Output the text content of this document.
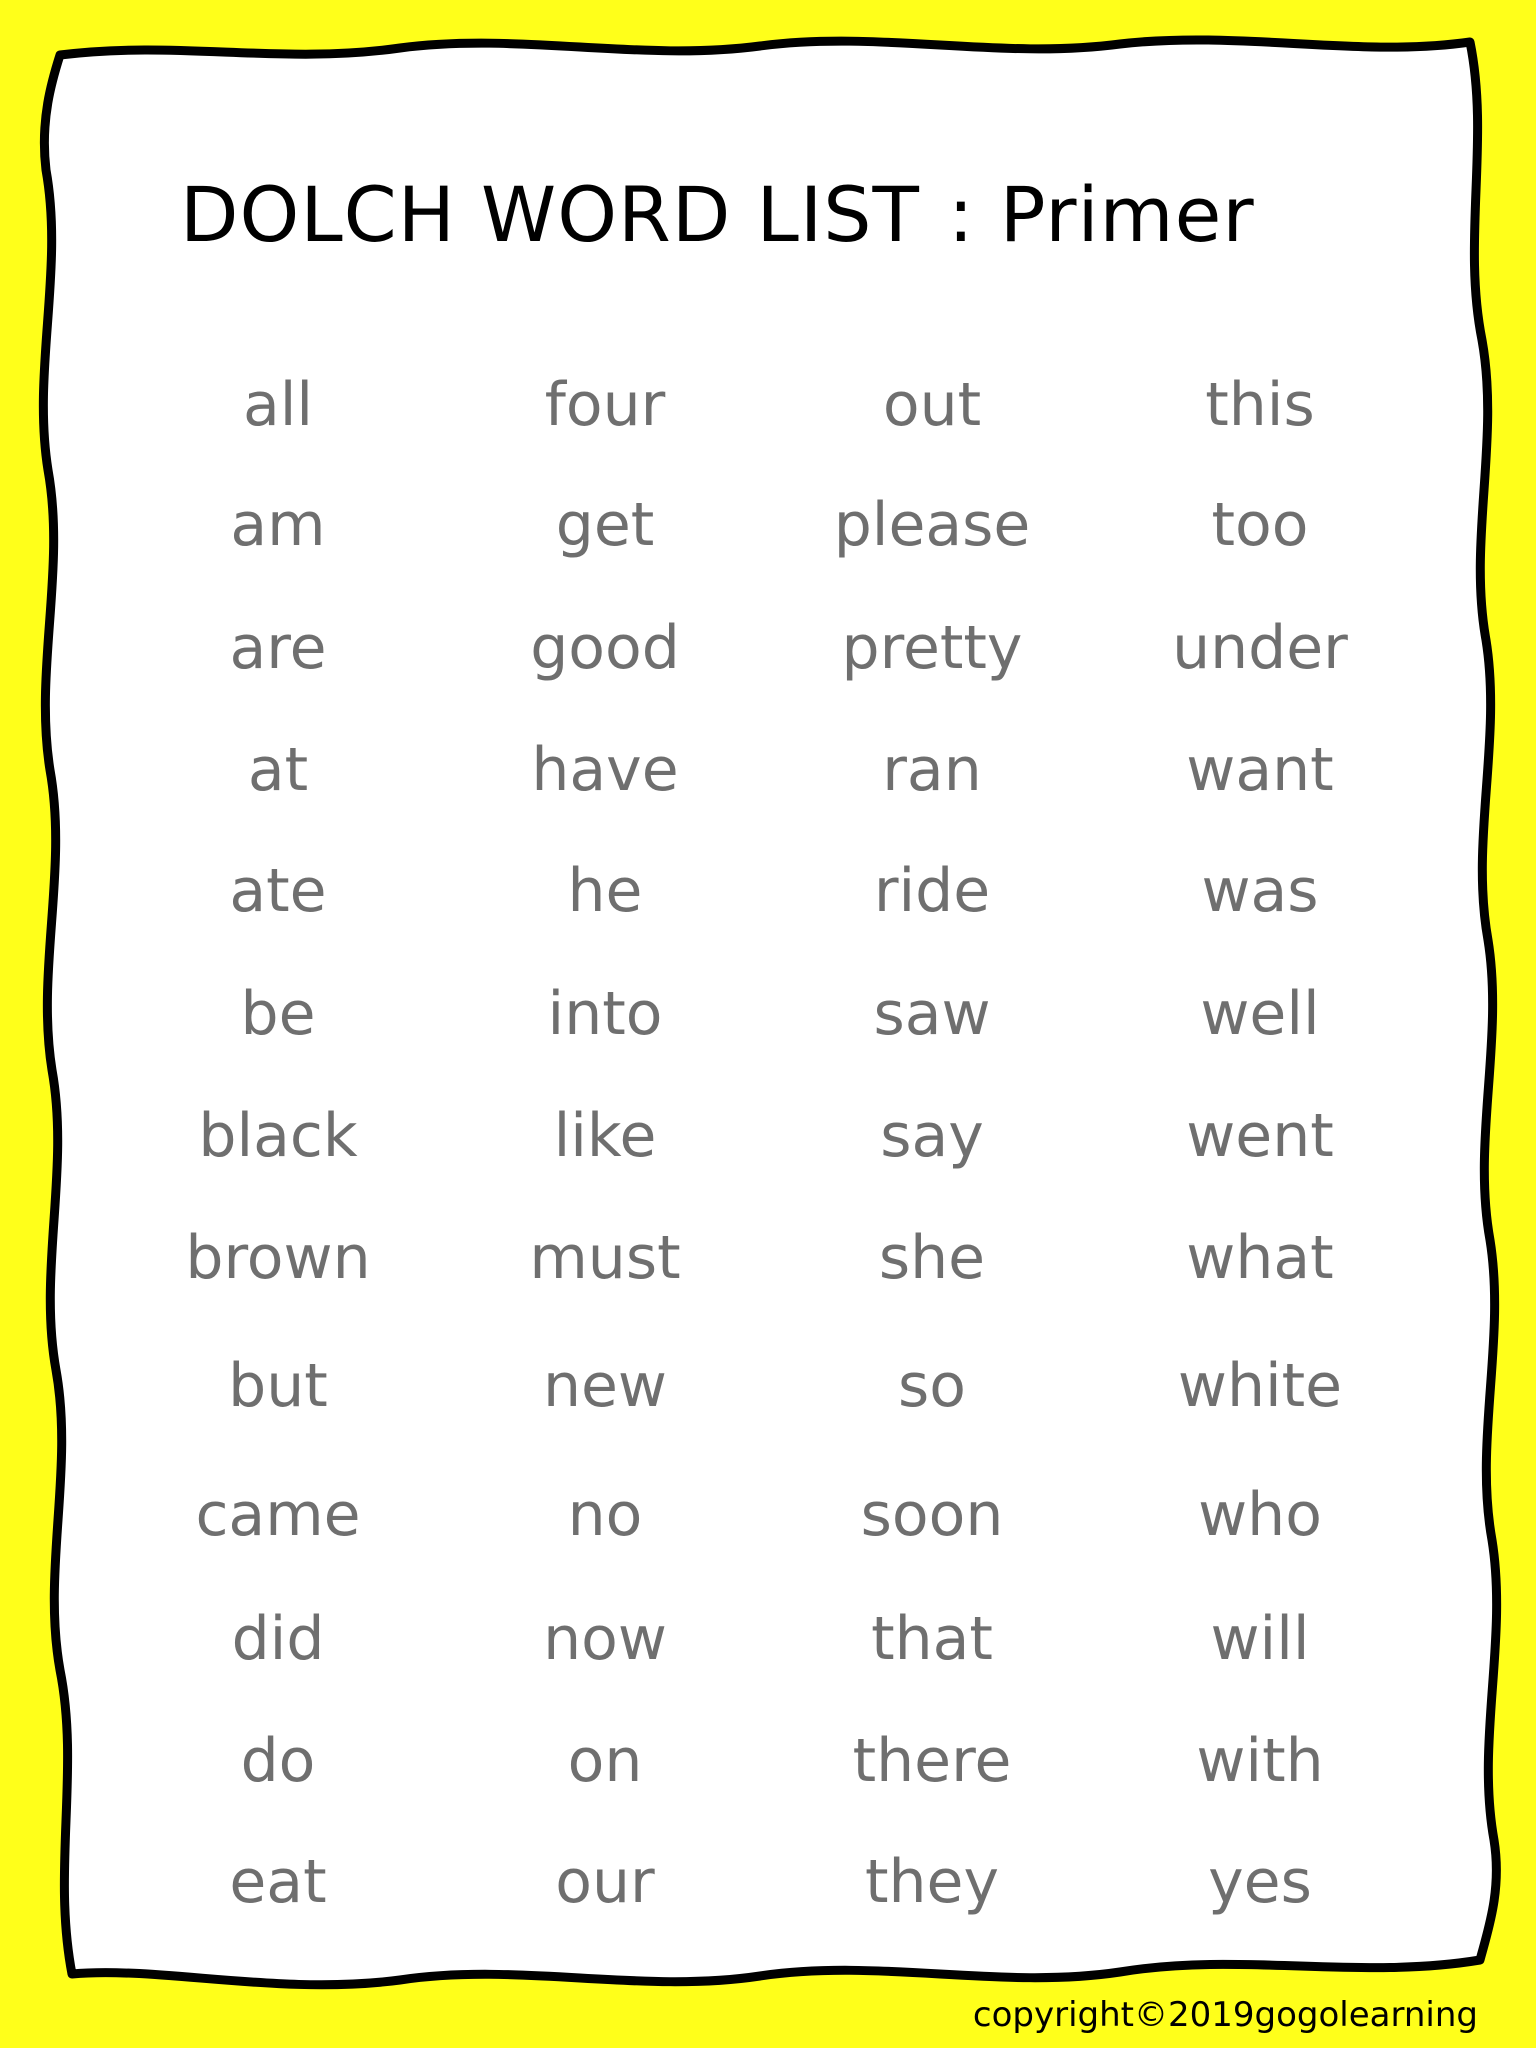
DOLCH WORD LIST : Primer
all
am
are
at
ate
be
black
brown
but
came
did
do
eat
four
get
good
have
he
into
like
must
new
no
now
on
our
out
please
pretty
ran
ride
saw
say
she
so
soon
that
there
they
this
too
under
want
was
well
went
what
white
who
will
with
yes
copyright©2019gogolearning
